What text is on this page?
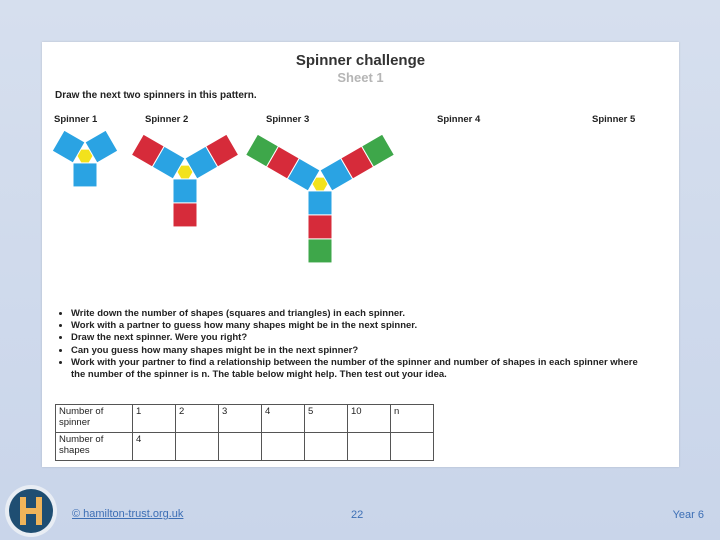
Spinner challenge
Sheet 1
Draw the next two spinners in this pattern.
Spinner 1	Spinner 2	Spinner 3	Spinner 4	Spinner 5
• Write down the number of shapes (squares and triangles) in each spinner.
• Work with a partner to guess how many shapes might be in the next spinner.
• Draw the next spinner. Were you right?
• Can you guess how many shapes might be in the next spinner?
• Work with your partner to find a relationship between the number of the spinner and number of shapes in each spinner where the number of the spinner is n. The table below might help. Then test out your idea.
Number of spinner	1	2	3	4	5	10	n
Number of shapes	4						
© hamilton-trust.org.uk	22	Year 6
